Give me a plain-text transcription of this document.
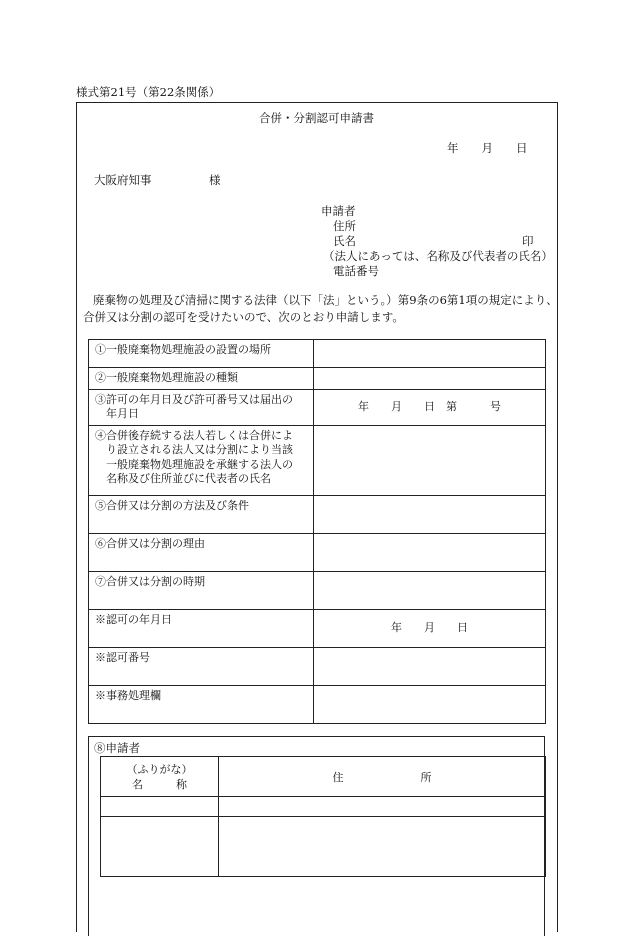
様式第21号（第22条関係）
合併・分割認可申請書
年　　月　　日
大阪府知事　　　　　様
申請者
住所
氏名	印
（法人にあっては、名称及び代表者の氏名）
電話番号
廃棄物の処理及び清掃に関する法律（以下「法」という。）第9条の6第1項の規定により、
合併又は分割の認可を受けたいので、次のとおり申請します。
①一般廃棄物処理施設の設置の場所	
②一般廃棄物処理施設の種類	
③許可の年月日及び許可番号又は届出の
年月日	年　　月　　日　第　　　号
④合併後存続する法人若しくは合併によ
り設立される法人又は分割により当該
一般廃棄物処理施設を承継する法人の
名称及び住所並びに代表者の氏名	

⑤合併又は分割の方法及び条件	
⑥合併又は分割の理由	
⑦合併又は分割の時期	
※認可の年月日	年　　月　　日
※認可番号	
※事務処理欄	
⑧申請者
（ふりがな）
名　　　称	住　　　　　　　所
